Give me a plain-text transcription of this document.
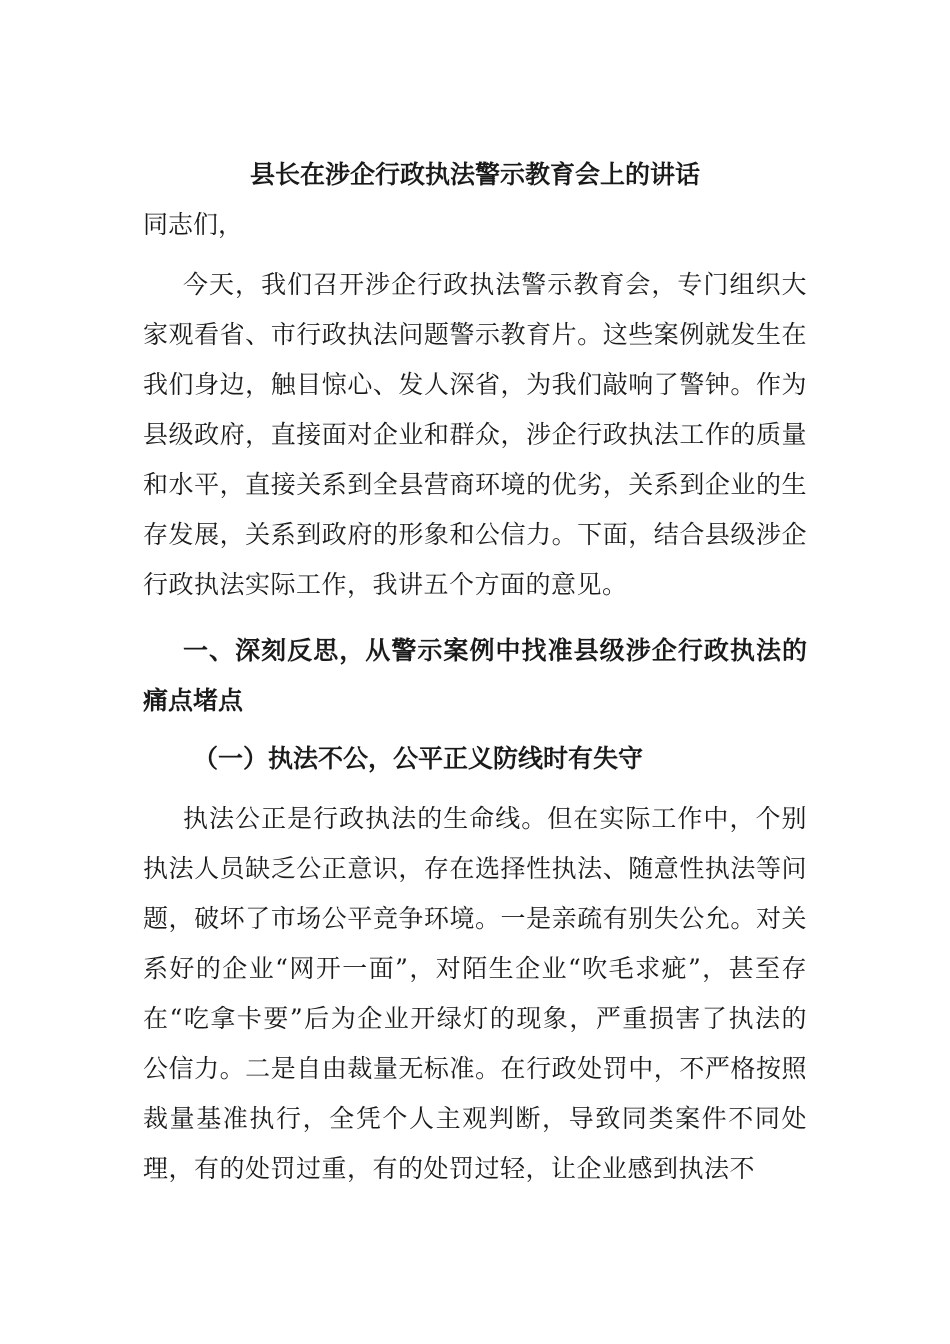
县长在涉企行政执法警示教育会上的讲话

同志们，

今天，我们召开涉企行政执法警示教育会，专门组织大家观看省、市行政执法问题警示教育片。这些案例就发生在我们身边，触目惊心、发人深省，为我们敲响了警钟。作为县级政府，直接面对企业和群众，涉企行政执法工作的质量和水平，直接关系到全县营商环境的优劣，关系到企业的生存发展，关系到政府的形象和公信力。下面，结合县级涉企行政执法实际工作，我讲五个方面的意见。

一、深刻反思，从警示案例中找准县级涉企行政执法的痛点堵点

（一）执法不公，公平正义防线时有失守

执法公正是行政执法的生命线。但在实际工作中，个别执法人员缺乏公正意识，存在选择性执法、随意性执法等问题，破坏了市场公平竞争环境。一是亲疏有别失公允。对关系好的企业“网开一面”，对陌生企业“吹毛求疵”，甚至存在“吃拿卡要”后为企业开绿灯的现象，严重损害了执法的公信力。二是自由裁量无标准。在行政处罚中，不严格按照裁量基准执行，全凭个人主观判断，导致同类案件不同处理，有的处罚过重，有的处罚过轻，让企业感到执法不
